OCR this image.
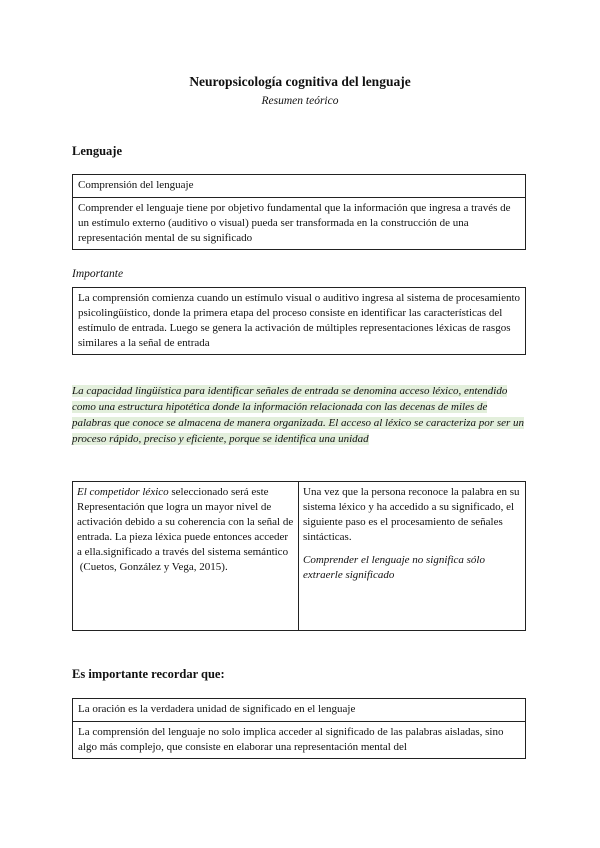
Neuropsicología cognitiva del lenguaje
Resumen teórico
Lenguaje
Comprensión del lenguaje
Comprender el lenguaje tiene por objetivo fundamental que la información que ingresa a través de un estímulo externo (auditivo o visual) pueda ser transformada en la construcción de una representación mental de su significado
Importante
La comprensión comienza cuando un estímulo visual o auditivo ingresa al sistema de procesamiento psicolingüístico, donde la primera etapa del proceso consiste en identificar las características del estímulo de entrada. Luego se genera la activación de múltiples representaciones léxicas de rasgos similares a la señal de entrada

La capacidad lingüística para identificar señales de entrada se denomina acceso léxico, entendido como una estructura hipotética donde la información relacionada con las decenas de miles de palabras que conoce se almacena de manera organizada. El acceso al léxico se caracteriza por ser un proceso rápido, preciso y eficiente, porque se identifica una unidad

El competidor léxico seleccionado será este Representación que logra un mayor nivel de activación debido a su coherencia con la señal de entrada. La pieza léxica puede entonces acceder a ella.significado a través del sistema semántico

(Cuetos, González y Vega, 2015).

Una vez que la persona reconoce la palabra en su sistema léxico y ha accedido a su significado, el siguiente paso es el procesamiento de señales sintácticas.

Comprender el lenguaje no significa sólo extraerle significado

Es importante recordar que:
La oración es la verdadera unidad de significado en el lenguaje
La comprensión del lenguaje no solo implica acceder al significado de las palabras aisladas, sino algo más complejo, que consiste en elaborar una representación mental del
